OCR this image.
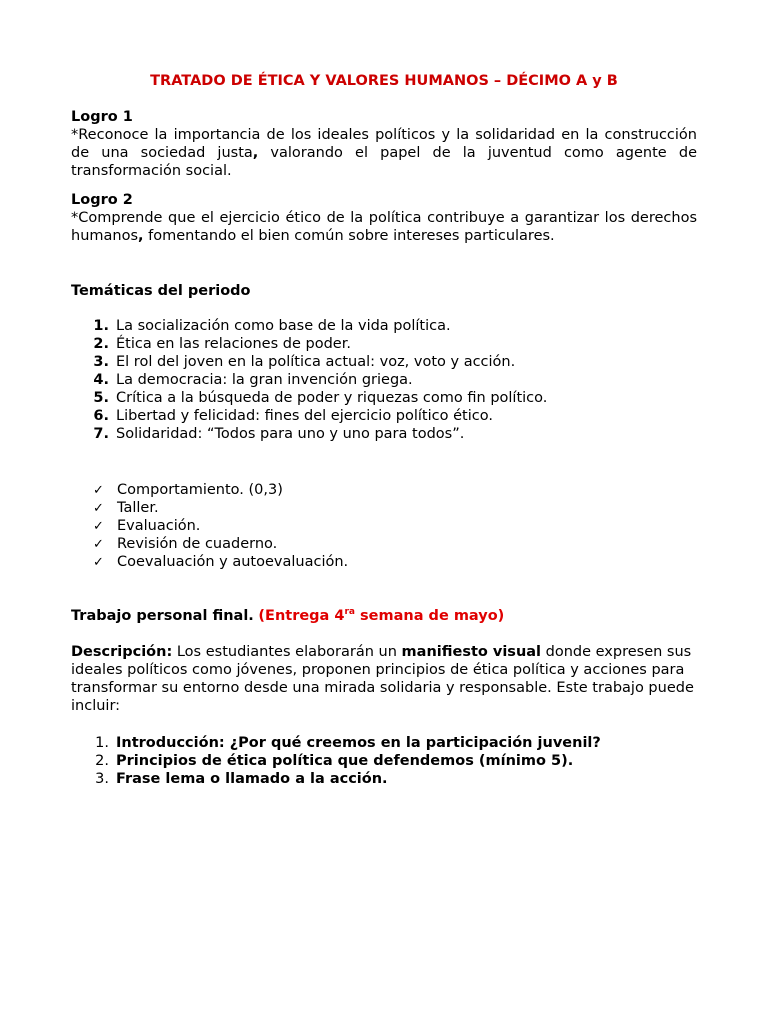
TRATADO DE ÉTICA Y VALORES HUMANOS – DÉCIMO A y B
Logro 1
*Reconoce la importancia de los ideales políticos y la solidaridad en la construcción de una sociedad justa, valorando el papel de la juventud como agente de transformación social.
Logro 2
*Comprende que el ejercicio ético de la política contribuye a garantizar los derechos humanos, fomentando el bien común sobre intereses particulares.
Temáticas del periodo
1. La socialización como base de la vida política.
2. Ética en las relaciones de poder.
3. El rol del joven en la política actual: voz, voto y acción.
4. La democracia: la gran invención griega.
5. Crítica a la búsqueda de poder y riquezas como fin político.
6. Libertad y felicidad: fines del ejercicio político ético.
7. Solidaridad: “Todos para uno y uno para todos”.
✓ Comportamiento. (0,3)
✓ Taller.
✓ Evaluación.
✓ Revisión de cuaderno.
✓ Coevaluación y autoevaluación.
Trabajo personal final. (Entrega $4^{ra}$ semana de mayo)
Descripción: Los estudiantes elaborarán un manifiesto visual donde expresen sus ideales políticos como jóvenes, proponen principios de ética política y acciones para transformar su entorno desde una mirada solidaria y responsable. Este trabajo puede incluir:
1. Introducción: ¿Por qué creemos en la participación juvenil?
2. Principios de ética política que defendemos (mínimo 5).
3. Frase lema o llamado a la acción.
